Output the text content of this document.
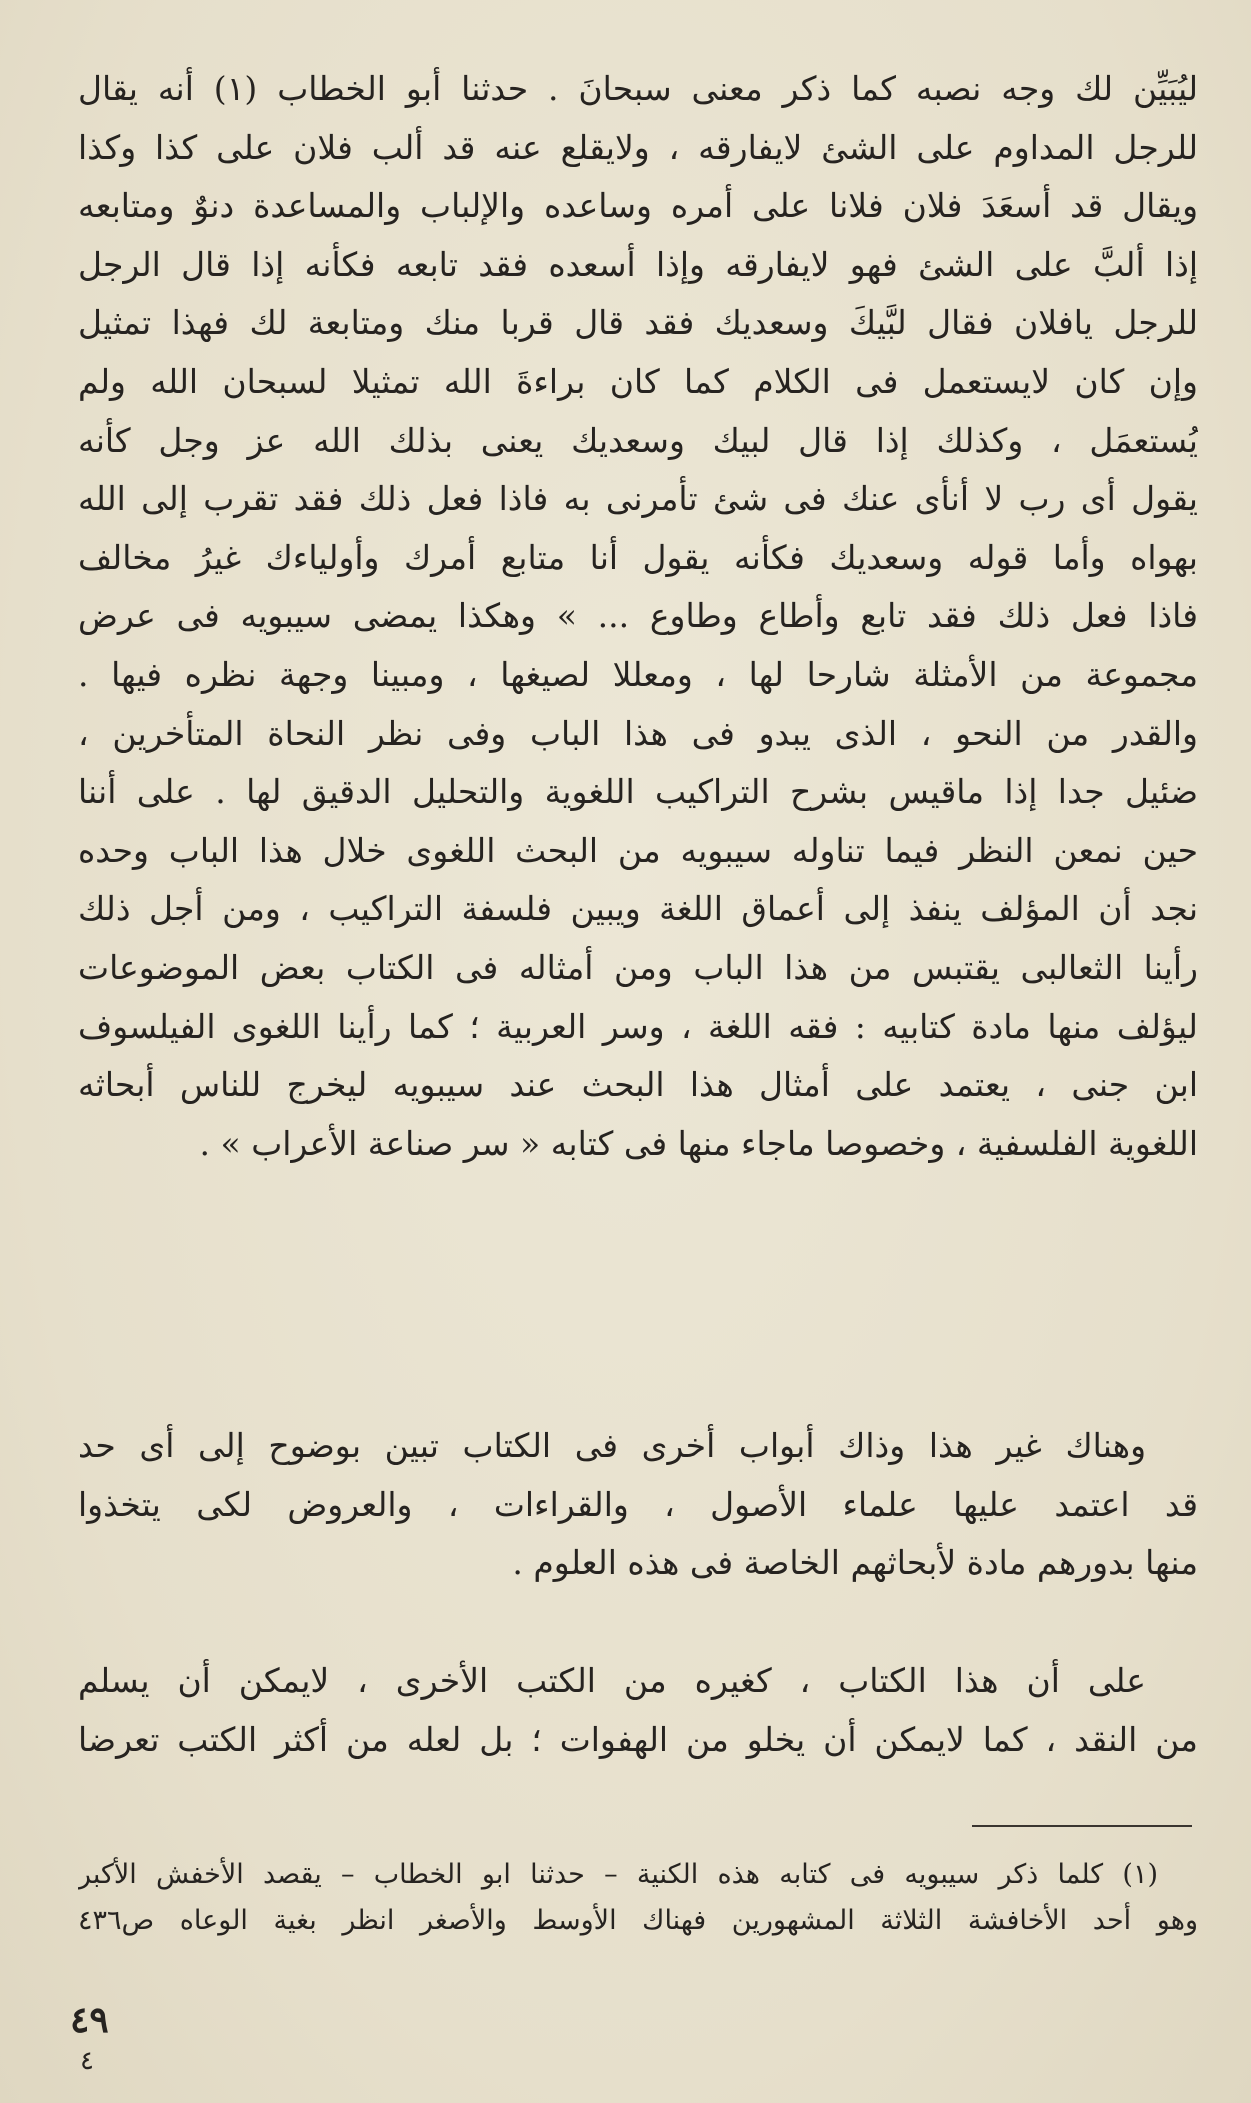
ليُبَيِّن لك وجه نصبه كما ذكر معنى سبحانَ . حدثنا أبو الخطاب (١) أنه يقال
للرجل المداوم على الشئ لايفارقه ، ولايقلع عنه قد ألب فلان على كذا وكذا
ويقال قد أسعَدَ فلان فلانا على أمره وساعده والإلباب والمساعدة دنوٌ ومتابعه
إذا ألبَّ على الشئ فهو لايفارقه وإذا أسعده فقد تابعه فكأنه إذا قال الرجل
للرجل يافلان فقال لبَّيكَ وسعديك فقد قال قربا منك ومتابعة لك فهذا تمثيل
وإن كان لايستعمل فى الكلام كما كان براءةَ الله تمثيلا لسبحان الله ولم
يُستعمَل ، وكذلك إذا قال لبيك وسعديك يعنى بذلك الله عز وجل كأنه
يقول أى رب لا أنأى عنك فى شئ تأمرنى به فاذا فعل ذلك فقد تقرب إلى الله
بهواه وأما قوله وسعديك فكأنه يقول أنا متابع أمرك وأولياءك غيرُ مخالف
فاذا فعل ذلك فقد تابع وأطاع وطاوع ... » وهكذا يمضى سيبويه فى عرض
مجموعة من الأمثلة شارحا لها ، ومعللا لصيغها ، ومبينا وجهة نظره فيها .
والقدر من النحو ، الذى يبدو فى هذا الباب وفى نظر النحاة المتأخرين ،
ضئيل جدا إذا ماقيس بشرح التراكيب اللغوية والتحليل الدقيق لها . على أننا
حين نمعن النظر فيما تناوله سيبويه من البحث اللغوى خلال هذا الباب وحده
نجد أن المؤلف ينفذ إلى أعماق اللغة ويبين فلسفة التراكيب ، ومن أجل ذلك
رأينا الثعالبى يقتبس من هذا الباب ومن أمثاله فى الكتاب بعض الموضوعات
ليؤلف منها مادة كتابيه : فقه اللغة ، وسر العربية ؛ كما رأينا اللغوى الفيلسوف
ابن جنى ، يعتمد على أمثال هذا البحث عند سيبويه ليخرج للناس أبحاثه
اللغوية الفلسفية ، وخصوصا ماجاء منها فى كتابه « سر صناعة الأعراب » .
وهناك غير هذا وذاك أبواب أخرى فى الكتاب تبين بوضوح إلى أى حد
قد اعتمد عليها علماء الأصول ، والقراءات ، والعروض لكى يتخذوا
منها بدورهم مادة لأبحاثهم الخاصة فى هذه العلوم .
على أن هذا الكتاب ، كغيره من الكتب الأخرى ، لايمكن أن يسلم
من النقد ، كما لايمكن أن يخلو من الهفوات ؛ بل لعله من أكثر الكتب تعرضا
(١) كلما ذكر سيبويه فى كتابه هذه الكنية – حدثنا ابو الخطاب – يقصد الأخفش الأكبر
وهو أحد الأخافشة الثلاثة المشهورين فهناك الأوسط والأصغر انظر بغية الوعاه ص٤٣٦
٤٩
٤
